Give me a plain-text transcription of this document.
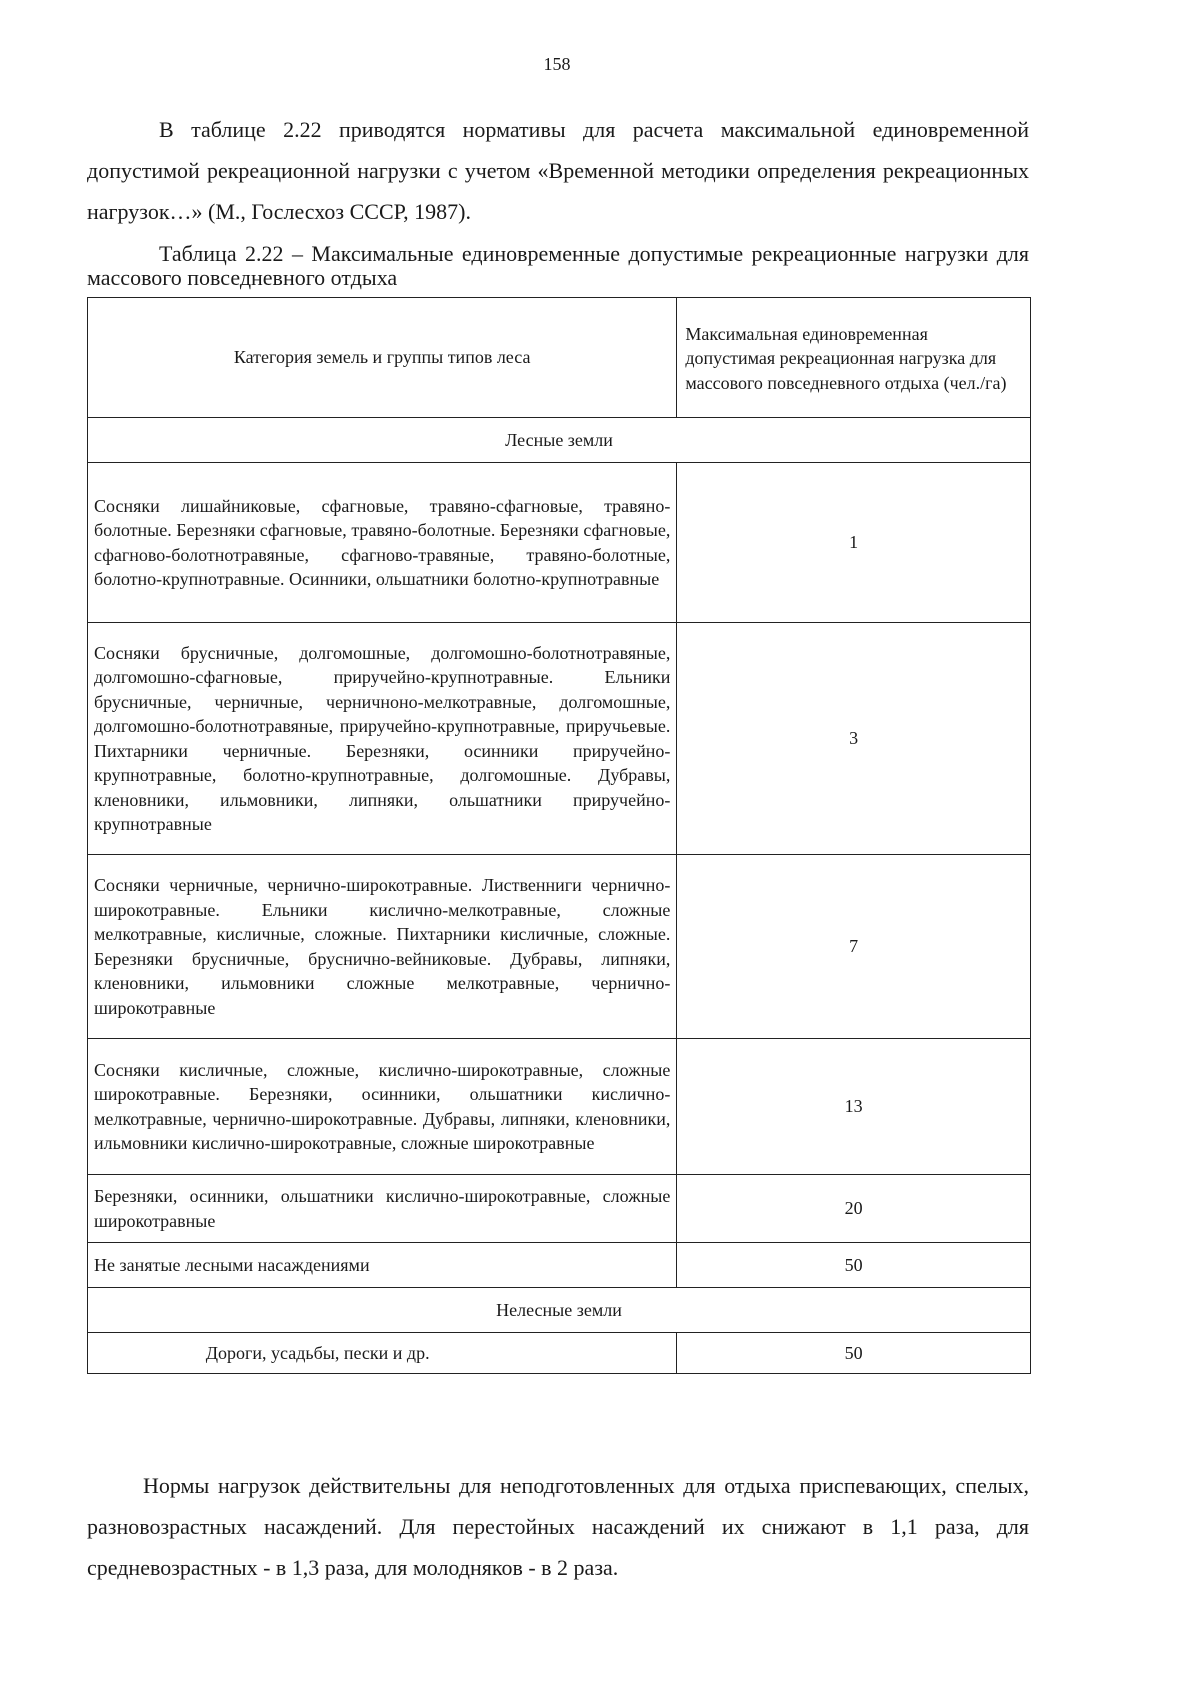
158

В таблице 2.22 приводятся нормативы для расчета максимальной единовременной допустимой рекреационной нагрузки с учетом «Временной методики определения рекреационных нагрузок…» (М., Гослесхоз СССР, 1987).

Таблица 2.22 – Максимальные единовременные допустимые рекреационные нагрузки для массового повседневного отдыха

Категория земель и группы типов леса	Максимальная единовременная допустимая рекреационная нагрузка для массового повседневного отдыха (чел./га)
Лесные земли	
Сосняки лишайниковые, сфагновые, травяно-сфагновые, травяно-болотные. Березняки сфагновые, травяно-болотные. Березняки сфагновые, сфагново-болотнотравяные, сфагново-травяные, травяно-болотные, болотно-крупнотравные. Осинники, ольшатники болотно-крупнотравные	1
Сосняки брусничные, долгомошные, долгомошно-болотнотравяные, долгомошно-сфагновые, приручейно-крупнотравные. Ельники брусничные, черничные, черничноно-мелкотравные, долгомошные, долгомошно-болотнотравяные, приручейно-крупнотравные, приручьевые. Пихтарники черничные. Березняки, осинники приручейно-крупнотравные, болотно-крупнотравные, долгомошные. Дубравы, кленовники, ильмовники, липняки, ольшатники приручейно-крупнотравные	3
Сосняки черничные, чернично-широкотравные. Лиственниги чернично-широкотравные. Ельники кислично-мелкотравные, сложные мелкотравные, кисличные, сложные. Пихтарники кисличные, сложные. Березняки брусничные, бруснично-вейниковые. Дубравы, липняки, кленовники, ильмовники сложные мелкотравные, чернично-широкотравные	7
Сосняки кисличные, сложные, кислично-широкотравные, сложные широкотравные. Березняки, осинники, ольшатники кислично-мелкотравные, чернично-широкотравные. Дубравы, липняки, кленовники, ильмовники кислично-широкотравные, сложные широкотравные	13
Березняки, осинники, ольшатники кислично-широкотравные, сложные широкотравные	20
Не занятые лесными насаждениями	50
Нелесные земли	
Дороги, усадьбы, пески и др.	50

Нормы нагрузок действительны для неподготовленных для отдыха приспевающих, спелых, разновозрастных насаждений. Для перестойных насаждений их снижают в 1,1 раза, для средневозрастных - в 1,3 раза, для молодняков - в 2 раза.
